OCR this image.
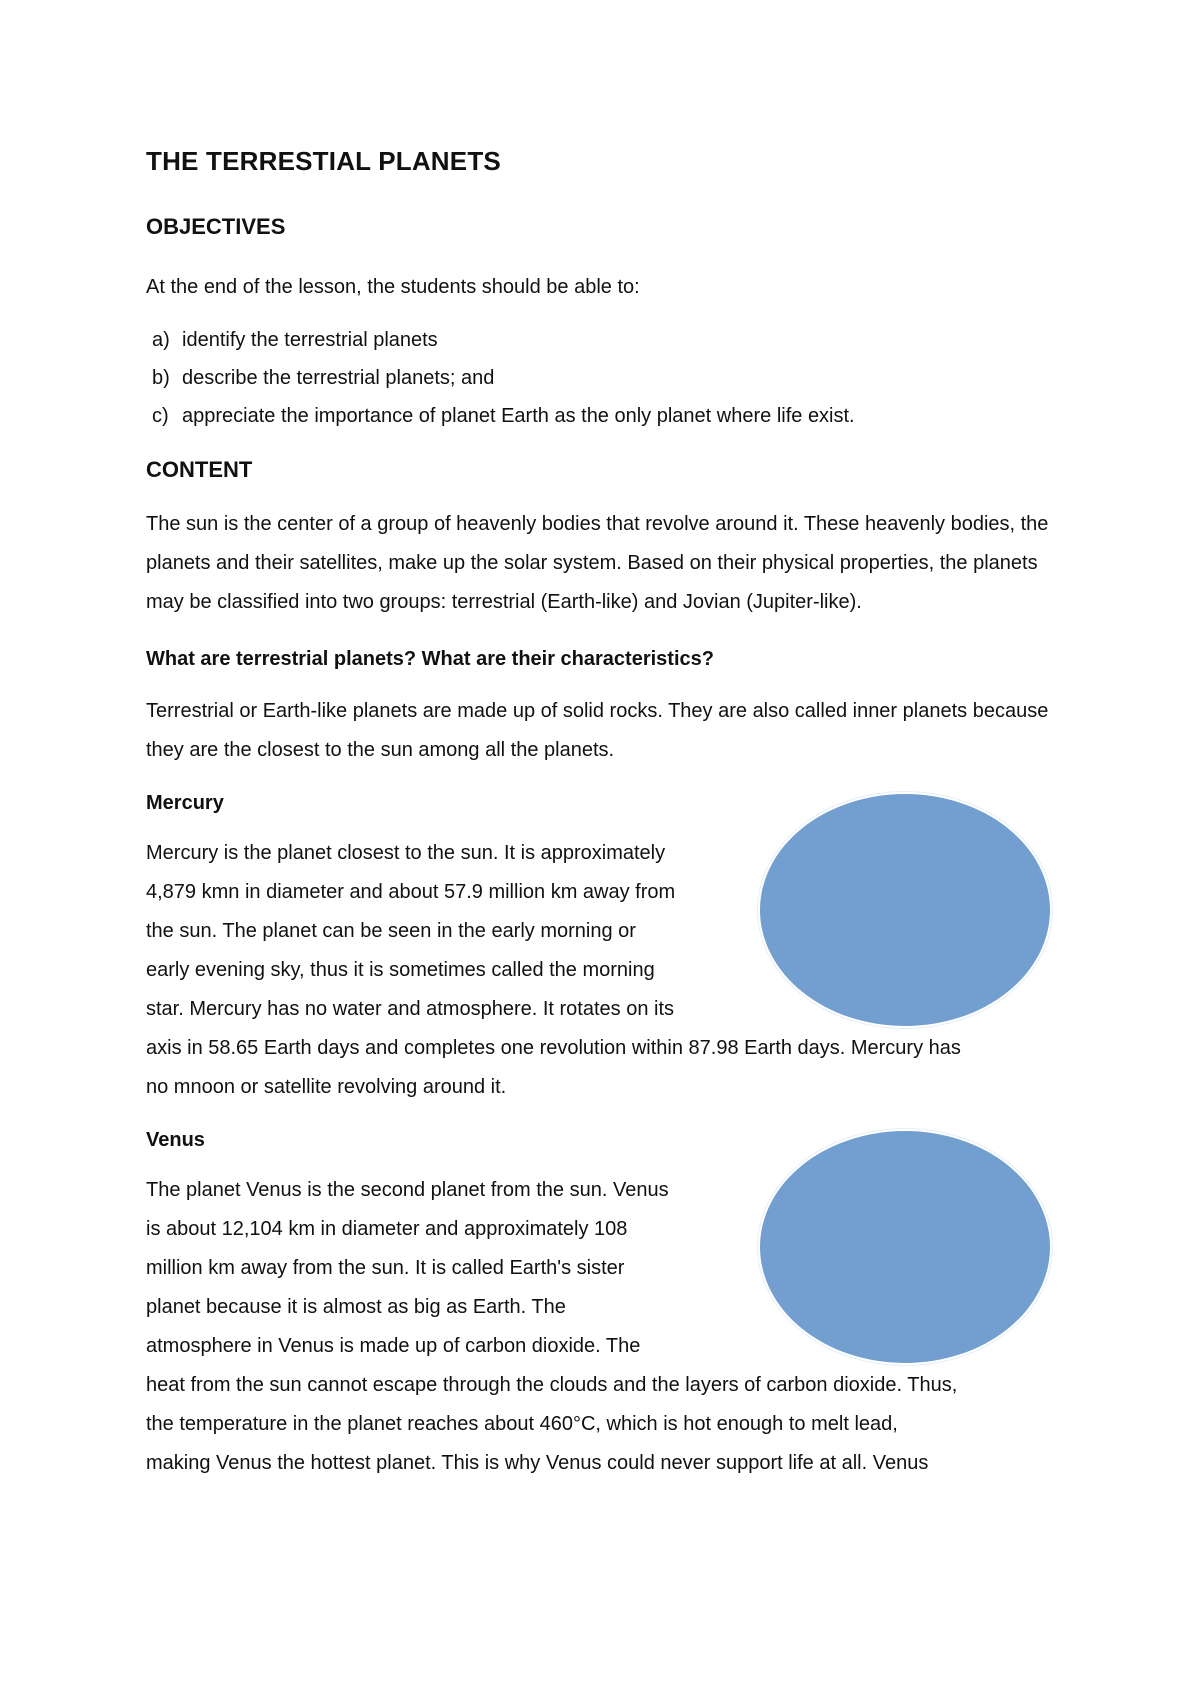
THE TERRESTIAL PLANETS
OBJECTIVES

At the end of the lesson, the students should be able to:

a) identify the terrestrial planets
b) describe the terrestrial planets; and
c) appreciate the importance of planet Earth as the only planet where life exist.
CONTENT

The sun is the center of a group of heavenly bodies that revolve around it. These heavenly bodies, the planets and their satellites, make up the solar system. Based on their physical properties, the planets may be classified into two groups: terrestrial (Earth-like) and Jovian (Jupiter-like).

What are terrestrial planets? What are their characteristics?

Terrestrial or Earth-like planets are made up of solid rocks. They are also called inner planets because they are the closest to the sun among all the planets.

Mercury

Mercury is the planet closest to the sun. It is approximately

4,879 kmn in diameter and about 57.9 million km away from

the sun. The planet can be seen in the early morning or

early evening sky, thus it is sometimes called the morning

star. Mercury has no water and atmosphere. It rotates on its

axis in 58.65 Earth days and completes one revolution within 87.98 Earth days. Mercury has

no mnoon or satellite revolving around it.

Venus

The planet Venus is the second planet from the sun. Venus

is about 12,104 km in diameter and approximately 108

million km away from the sun. It is called Earth's sister

planet because it is almost as big as Earth. The

atmosphere in Venus is made up of carbon dioxide. The

heat from the sun cannot escape through the clouds and the layers of carbon dioxide. Thus,

the temperature in the planet reaches about 460°C, which is hot enough to melt lead,

making Venus the hottest planet. This is why Venus could never support life at all. Venus
